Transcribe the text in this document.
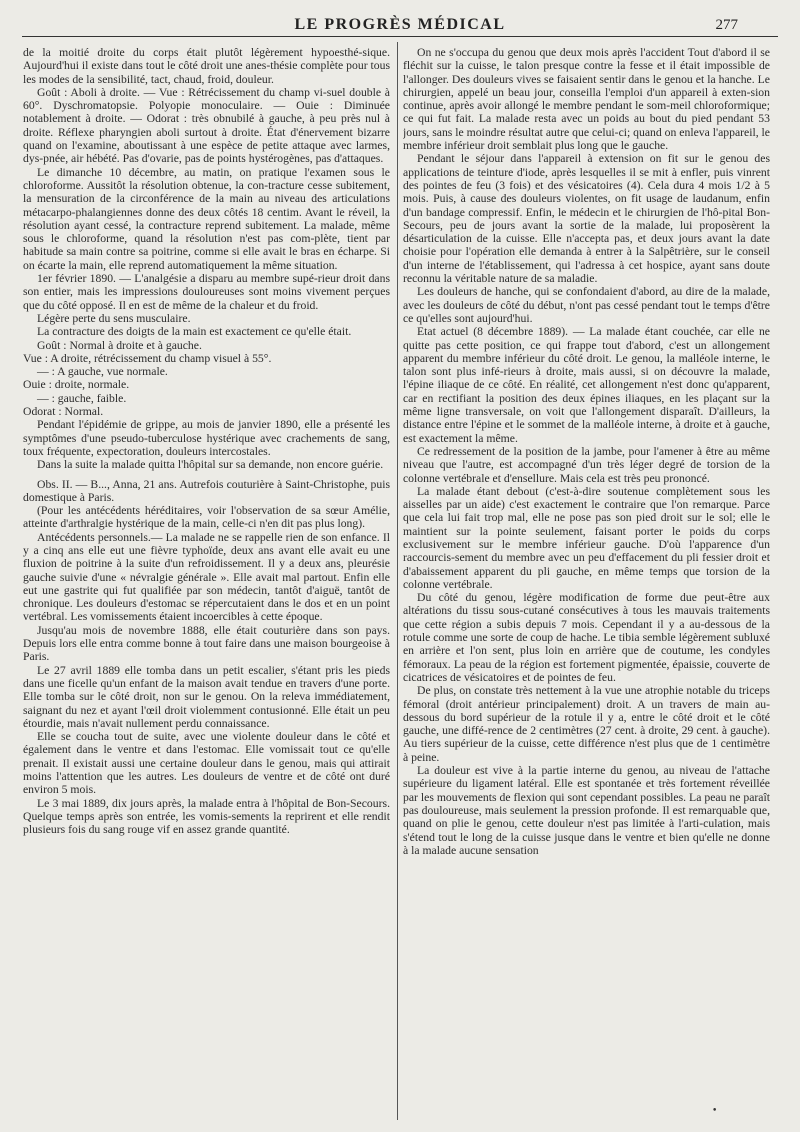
LE PROGRÈS MÉDICAL	277

de la moitié droite du corps était plutôt légèrement hypoesthé-sique. Aujourd'hui il existe dans tout le côté droit une anes-thésie complète pour tous les modes de la sensibilité, tact, chaud, froid, douleur.

Goût : Aboli à droite. — Vue : Rétrécissement du champ vi-suel double à 60°. Dyschromatopsie. Polyopie monoculaire. — Ouie : Diminuée notablement à droite. — Odorat : très obnubilé à gauche, à peu près nul à droite. Réflexe pharyngien aboli surtout à droite. État d'énervement bizarre quand on l'examine, aboutissant à une espèce de petite attaque avec larmes, dys-pnée, air hébété. Pas d'ovarie, pas de points hystérogènes, pas d'attaques.

Le dimanche 10 décembre, au matin, on pratique l'examen sous le chloroforme. Aussitôt la résolution obtenue, la con-tracture cesse subitement, la mensuration de la circonférence de la main au niveau des articulations métacarpo-phalangiennes donne des deux côtés 18 centim. Avant le réveil, la résolution ayant cessé, la contracture reprend subitement. La malade, même sous le chloroforme, quand la résolution n'est pas com-plète, tient par habitude sa main contre sa poitrine, comme si elle avait le bras en écharpe. Si on écarte la main, elle reprend automatiquement la même situation.

1er février 1890. — L'analgésie a disparu au membre supé-rieur droit dans son entier, mais les impressions douloureuses sont moins vivement perçues que du côté opposé. Il en est de même de la chaleur et du froid.

Légère perte du sens musculaire.

La contracture des doigts de la main est exactement ce qu'elle était.

Goût : Normal à droite et à gauche.

Vue : A droite, rétrécissement du champ visuel à 55°.

— : A gauche, vue normale.

Ouie : droite, normale.

— : gauche, faible.

Odorat : Normal.

Pendant l'épidémie de grippe, au mois de janvier 1890, elle a présenté les symptômes d'une pseudo-tuberculose hystérique avec crachements de sang, toux fréquente, expectoration, douleurs intercostales.

Dans la suite la malade quitta l'hôpital sur sa demande, non encore guérie.

Obs. II. — B..., Anna, 21 ans. Autrefois couturière à Saint-Christophe, puis domestique à Paris.

(Pour les antécédents héréditaires, voir l'observation de sa sœur Amélie, atteinte d'arthralgie hystérique de la main, celle-ci n'en dit pas plus long).

Antécédents personnels.— La malade ne se rappelle rien de son enfance. Il y a cinq ans elle eut une fièvre typhoïde, deux ans avant elle avait eu une fluxion de poitrine à la suite d'un refroidissement. Il y a deux ans, pleurésie gauche suivie d'une « névralgie générale ». Elle avait mal partout. Enfin elle eut une gastrite qui fut qualifiée par son médecin, tantôt d'aiguë, tantôt de chronique. Les douleurs d'estomac se répercutaient dans le dos et en un point vertébral. Les vomissements étaient incoercibles à cette époque.

Jusqu'au mois de novembre 1888, elle était couturière dans son pays. Depuis lors elle entra comme bonne à tout faire dans une maison bourgeoise à Paris.

Le 27 avril 1889 elle tomba dans un petit escalier, s'étant pris les pieds dans une ficelle qu'un enfant de la maison avait tendue en travers d'une porte. Elle tomba sur le côté droit, non sur le genou. On la releva immédiatement, saignant du nez et ayant l'œil droit violemment contusionné. Elle était un peu étourdie, mais n'avait nullement perdu connaissance.

Elle se coucha tout de suite, avec une violente douleur dans le côté et également dans le ventre et dans l'estomac. Elle vomissait tout ce qu'elle prenait. Il existait aussi une certaine douleur dans le genou, mais qui attirait moins l'attention que les autres. Les douleurs de ventre et de côté ont duré environ 5 mois.

Le 3 mai 1889, dix jours après, la malade entra à l'hôpital de Bon-Secours. Quelque temps après son entrée, les vomis-sements la reprirent et elle rendit plusieurs fois du sang rouge vif en assez grande quantité.

On ne s'occupa du genou que deux mois après l'accident Tout d'abord il se fléchit sur la cuisse, le talon presque contre la fesse et il était impossible de l'allonger. Des douleurs vives se faisaient sentir dans le genou et la hanche. Le chirurgien, appelé un beau jour, conseilla l'emploi d'un appareil à exten-sion continue, après avoir allongé le membre pendant le som-meil chloroformique; ce qui fut fait. La malade resta avec un poids au bout du pied pendant 53 jours, sans le moindre résultat autre que celui-ci; quand on enleva l'appareil, le membre inférieur droit semblait plus long que le gauche.

Pendant le séjour dans l'appareil à extension on fit sur le genou des applications de teinture d'iode, après lesquelles il se mit à enfler, puis vinrent des pointes de feu (3 fois) et des vésicatoires (4). Cela dura 4 mois 1/2 à 5 mois. Puis, à cause des douleurs violentes, on fit usage de laudanum, enfin d'un bandage compressif. Enfin, le médecin et le chirurgien de l'hô-pital Bon-Secours, peu de jours avant la sortie de la malade, lui proposèrent la désarticulation de la cuisse. Elle n'accepta pas, et deux jours avant la date choisie pour l'opération elle demanda à entrer à la Salpêtrière, sur le conseil d'un interne de l'établissement, qui l'adressa à cet hospice, ayant sans doute reconnu la véritable nature de sa maladie.

Les douleurs de hanche, qui se confondaient d'abord, au dire de la malade, avec les douleurs de côté du début, n'ont pas cessé pendant tout le temps d'être ce qu'elles sont aujourd'hui.

Etat actuel (8 décembre 1889). — La malade étant couchée, car elle ne quitte pas cette position, ce qui frappe tout d'abord, c'est un allongement apparent du membre inférieur du côté droit. Le genou, la malléole interne, le talon sont plus infé-rieurs à droite, mais aussi, si on découvre la malade, l'épine iliaque de ce côté. En réalité, cet allongement n'est donc qu'apparent, car en rectifiant la position des deux épines iliaques, en les plaçant sur la même ligne transversale, on voit que l'allongement disparaît. D'ailleurs, la distance entre l'épine et le sommet de la malléole interne, à droite et à gauche, est exactement la même.

Ce redressement de la position de la jambe, pour l'amener à être au même niveau que l'autre, est accompagné d'un très léger degré de torsion de la colonne vertébrale et d'ensellure. Mais cela est très peu prononcé.

La malade étant debout (c'est-à-dire soutenue complètement sous les aisselles par un aide) c'est exactement le contraire que l'on remarque. Parce que cela lui fait trop mal, elle ne pose pas son pied droit sur le sol; elle le maintient sur la pointe seulement, faisant porter le poids du corps exclusivement sur le membre inférieur gauche. D'où l'apparence d'un raccourcis-sement du membre avec un peu d'effacement du pli fessier droit et d'abaissement apparent du pli gauche, en même temps que torsion de la colonne vertébrale.

Du côté du genou, légère modification de forme due peut-être aux altérations du tissu sous-cutané consécutives à tous les mauvais traitements que cette région a subis depuis 7 mois. Cependant il y a au-dessous de la rotule comme une sorte de coup de hache. Le tibia semble légèrement subluxé en arrière et l'on sent, plus loin en arrière que de coutume, les condyles fémoraux. La peau de la région est fortement pigmentée, épaissie, couverte de cicatrices de vésicatoires et de pointes de feu.

De plus, on constate très nettement à la vue une atrophie notable du triceps fémoral (droit antérieur principalement) droit. A un travers de main au-dessous du bord supérieur de la rotule il y a, entre le côté droit et le côté gauche, une diffé-rence de 2 centimètres (27 cent. à droite, 29 cent. à gauche). Au tiers supérieur de la cuisse, cette différence n'est plus que de 1 centimètre à peine.

La douleur est vive à la partie interne du genou, au niveau de l'attache supérieure du ligament latéral. Elle est spontanée et très fortement réveillée par les mouvements de flexion qui sont cependant possibles. La peau ne paraît pas douloureuse, mais seulement la pression profonde. Il est remarquable que, quand on plie le genou, cette douleur n'est pas limitée à l'arti-culation, mais s'étend tout le long de la cuisse jusque dans le ventre et bien qu'elle ne donne à la malade aucune sensation

•
